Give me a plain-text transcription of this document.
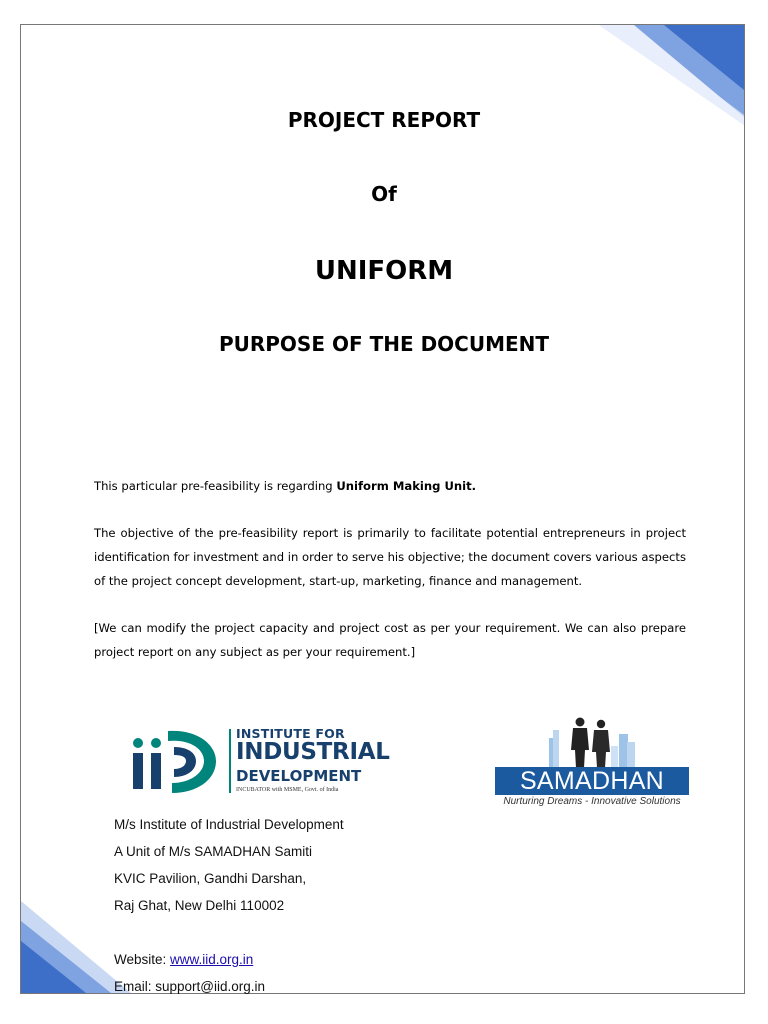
PROJECT REPORT
Of
UNIFORM
PURPOSE OF THE DOCUMENT

This particular pre-feasibility is regarding Uniform Making Unit.

The objective of the pre-feasibility report is primarily to facilitate potential entrepreneurs in project identification for investment and in order to serve his objective; the document covers various aspects of the project concept development, start-up, marketing, finance and management.

[We can modify the project capacity and project cost as per your requirement. We can also prepare project report on any subject as per your requirement.]

INSTITUTE FOR
INDUSTRIAL
DEVELOPMENT
INCUBATOR with MSME, Govt. of India	SAMADHAN
Nurturing Dreams - Innovative Solutions
M/s Institute of Industrial Development
A Unit of M/s SAMADHAN Samiti
KVIC Pavilion, Gandhi Darshan,
Raj Ghat, New Delhi 110002
Website: www.iid.org.in
Email: support@iid.org.in
